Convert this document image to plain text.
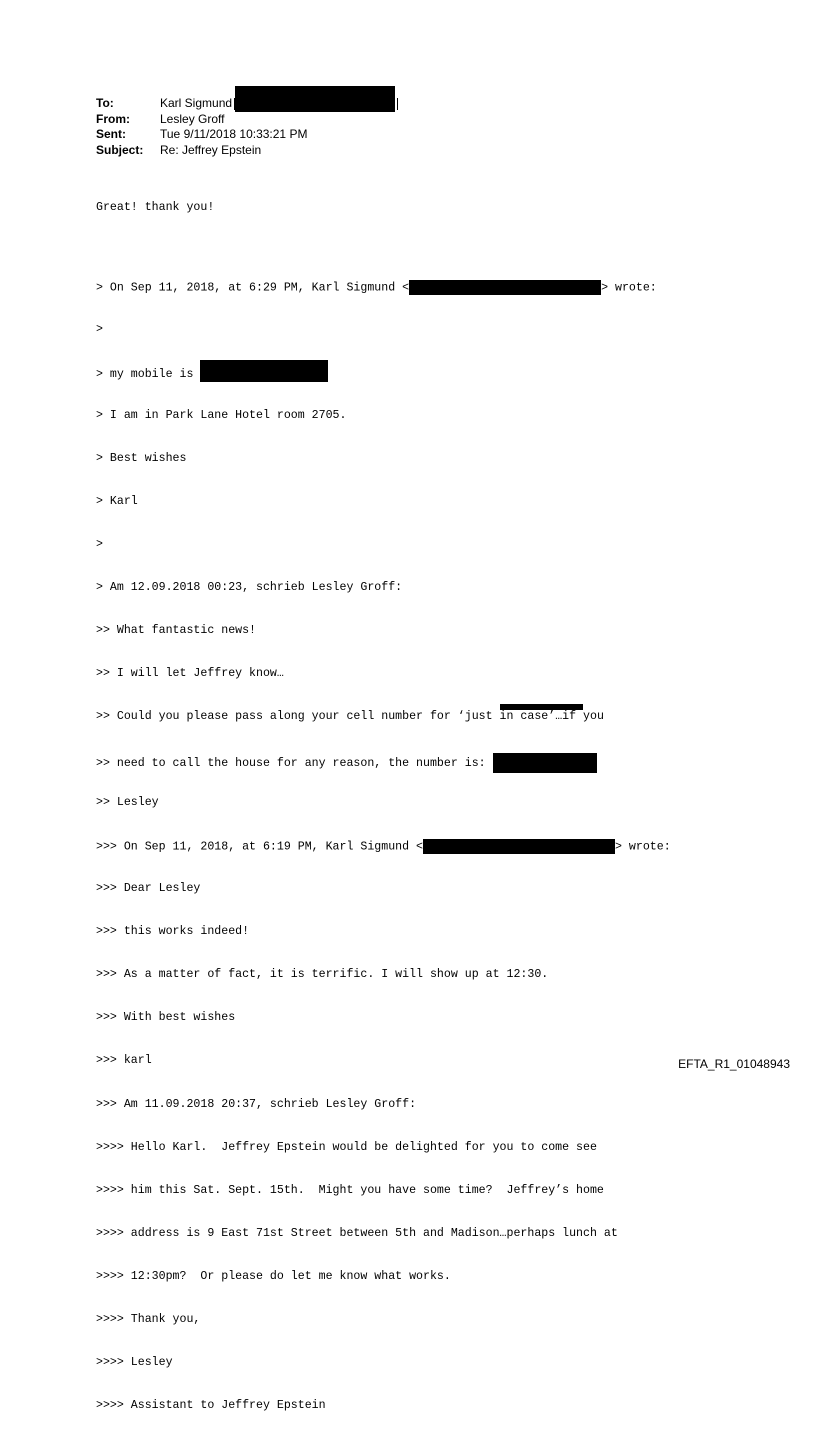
To:	Karl Sigmund
From:	Lesley Groff
Sent:	Tue 9/11/2018 10:33:21 PM
Subject:	Re: Jeffrey Epstein

Great! thank you!

> On Sep 11, 2018, at 6:29 PM, Karl Sigmund <	> wrote:

>

> my mobile is

> I am in Park Lane Hotel room 2705.

> Best wishes

> Karl

>

> Am 12.09.2018 00:23, schrieb Lesley Groff:

>> What fantastic news!

>> I will let Jeffrey know…

>> Could you please pass along your cell number for ‘just in case’…if you

>> need to call the house for any reason, the number is:

>> Lesley

>>> On Sep 11, 2018, at 6:19 PM, Karl Sigmund <	> wrote:

>>> Dear Lesley

>>> this works indeed!

>>> As a matter of fact, it is terrific. I will show up at 12:30.

>>> With best wishes

>>> karl

>>> Am 11.09.2018 20:37, schrieb Lesley Groff:

>>>> Hello Karl.  Jeffrey Epstein would be delighted for you to come see

>>>> him this Sat. Sept. 15th.  Might you have some time?  Jeffrey’s home

>>>> address is 9 East 71st Street between 5th and Madison…perhaps lunch at

>>>> 12:30pm?  Or please do let me know what works.

>>>> Thank you,

>>>> Lesley

>>>> Assistant to Jeffrey Epstein

EFTA_R1_01048943
